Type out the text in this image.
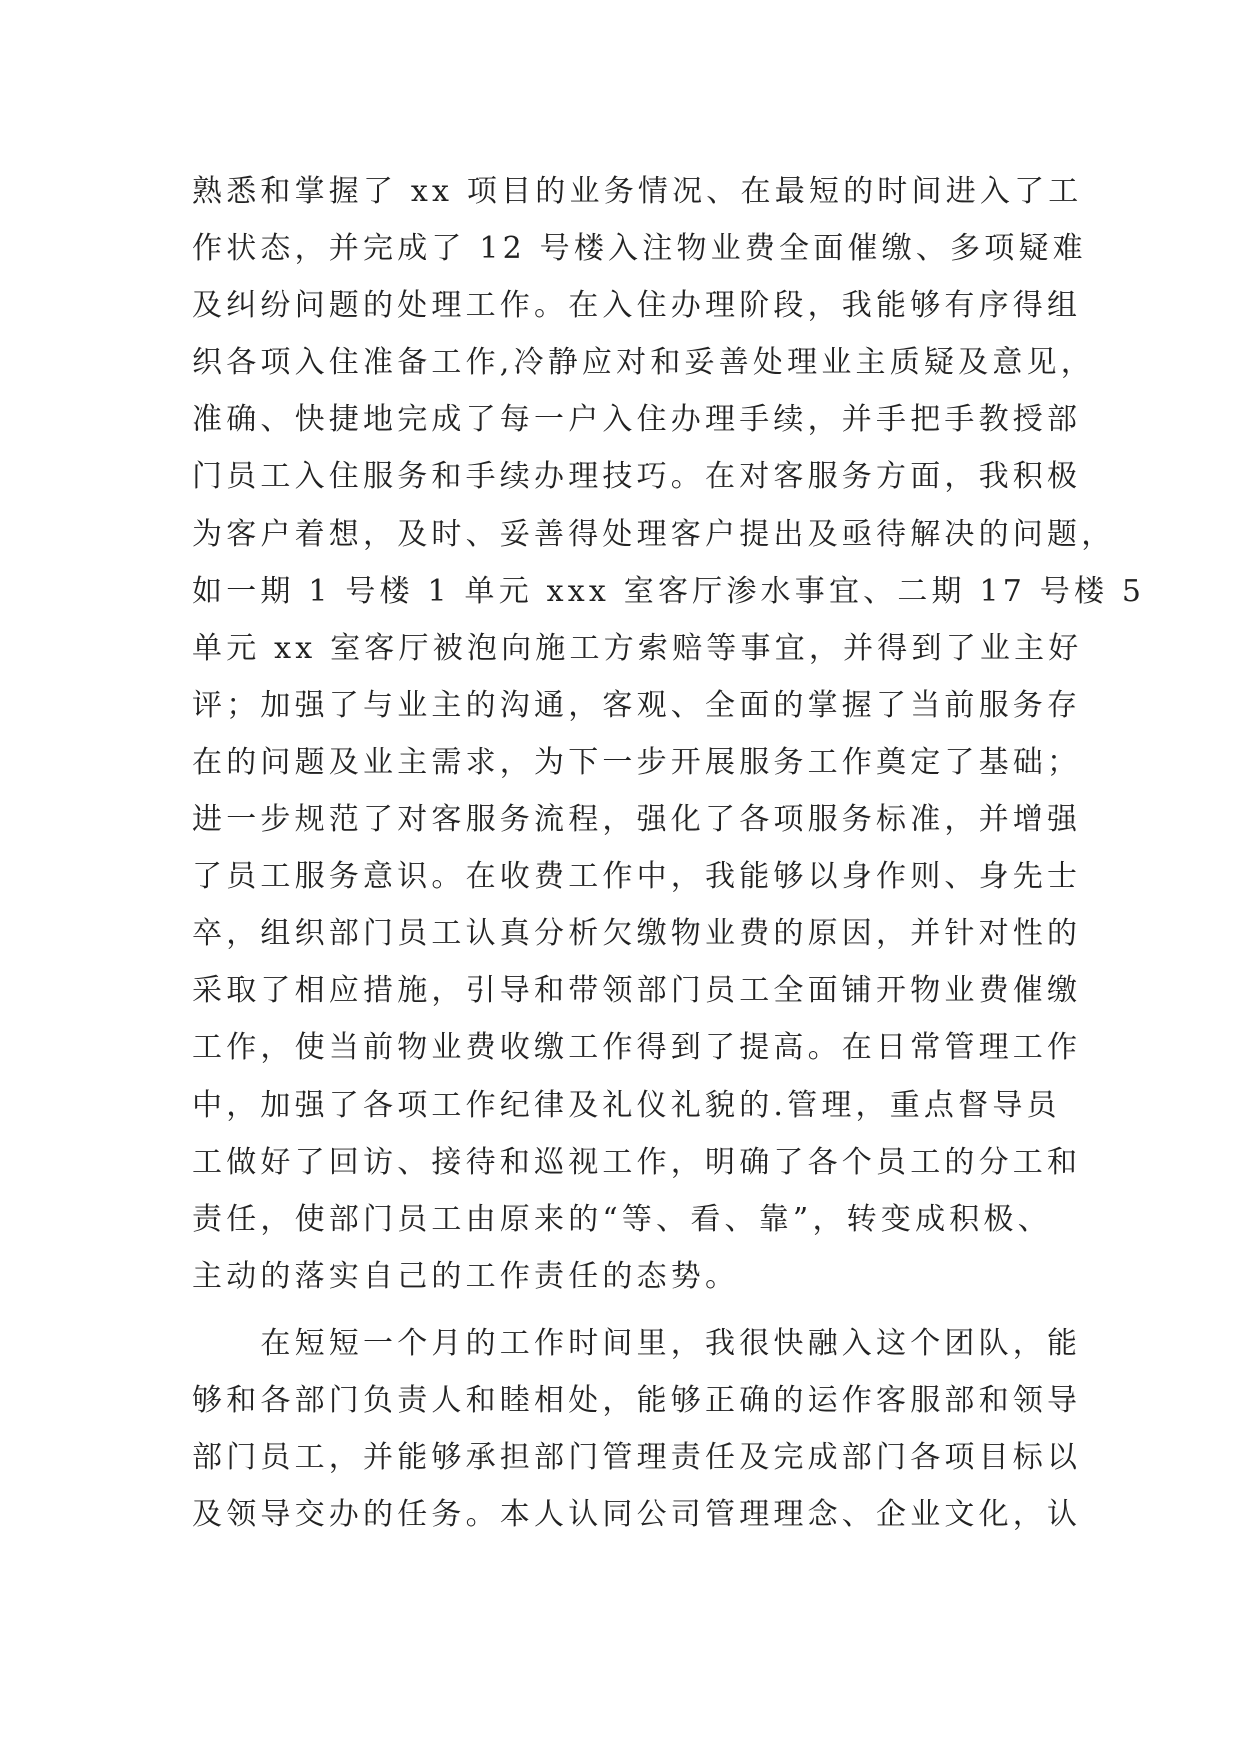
熟悉和掌握了 xx 项目的业务情况、在最短的时间进入了工
作状态，并完成了 12 号楼入注物业费全面催缴、多项疑难
及纠纷问题的处理工作。在入住办理阶段，我能够有序得组
织各项入住准备工作,冷静应对和妥善处理业主质疑及意见，
准确、快捷地完成了每一户入住办理手续，并手把手教授部
门员工入住服务和手续办理技巧。在对客服务方面，我积极
为客户着想，及时、妥善得处理客户提出及亟待解决的问题，
如一期 1 号楼 1 单元 xxx 室客厅渗水事宜、二期 17 号楼 5
单元 xx 室客厅被泡向施工方索赔等事宜，并得到了业主好
评；加强了与业主的沟通，客观、全面的掌握了当前服务存
在的问题及业主需求，为下一步开展服务工作奠定了基础；
进一步规范了对客服务流程，强化了各项服务标准，并增强
了员工服务意识。在收费工作中，我能够以身作则、身先士
卒，组织部门员工认真分析欠缴物业费的原因，并针对性的
采取了相应措施，引导和带领部门员工全面铺开物业费催缴
工作，使当前物业费收缴工作得到了提高。在日常管理工作
中，加强了各项工作纪律及礼仪礼貌的.管理，重点督导员
工做好了回访、接待和巡视工作，明确了各个员工的分工和
责任，使部门员工由原来的“等、看、靠”，转变成积极、
主动的落实自己的工作责任的态势。
　　在短短一个月的工作时间里，我很快融入这个团队，能
够和各部门负责人和睦相处，能够正确的运作客服部和领导
部门员工，并能够承担部门管理责任及完成部门各项目标以
及领导交办的任务。本人认同公司管理理念、企业文化，认
